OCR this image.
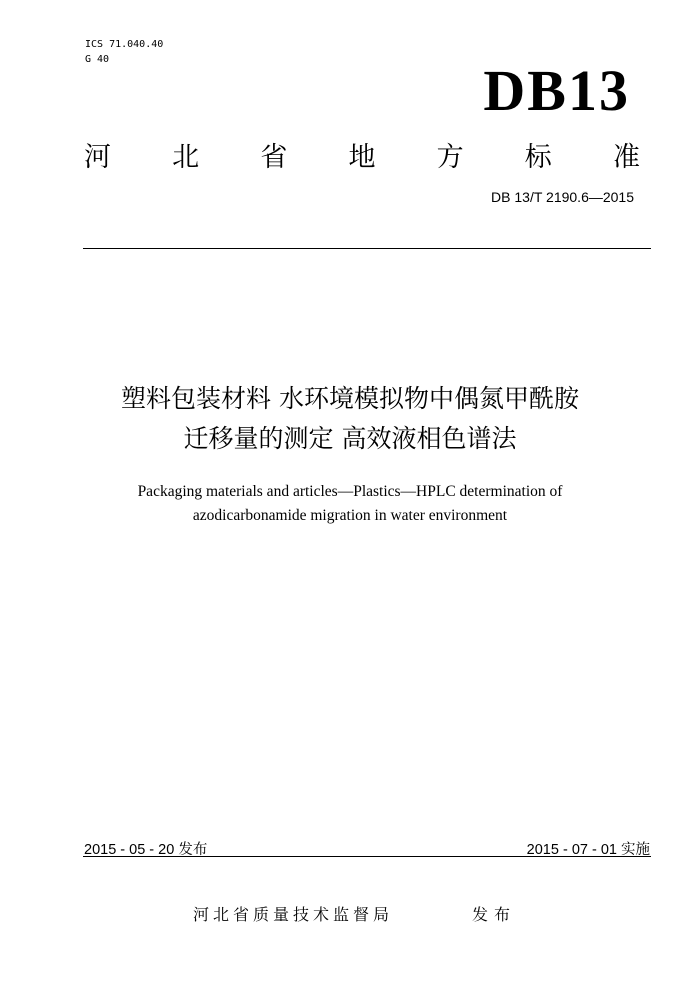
ICS 71.040.40
G 40	DB13
河 北 省 地 方 标 准
DB 13/T 2190.6—2015
塑料包装材料 水环境模拟物中偶氮甲酰胺
迁移量的测定 高效液相色谱法
Packaging materials and articles—Plastics—HPLC determination of
azodicarbonamide migration in water environment
2015 - 05 - 20 发布	2015 - 07 - 01 实施
河北省质量技术监督局	发布
